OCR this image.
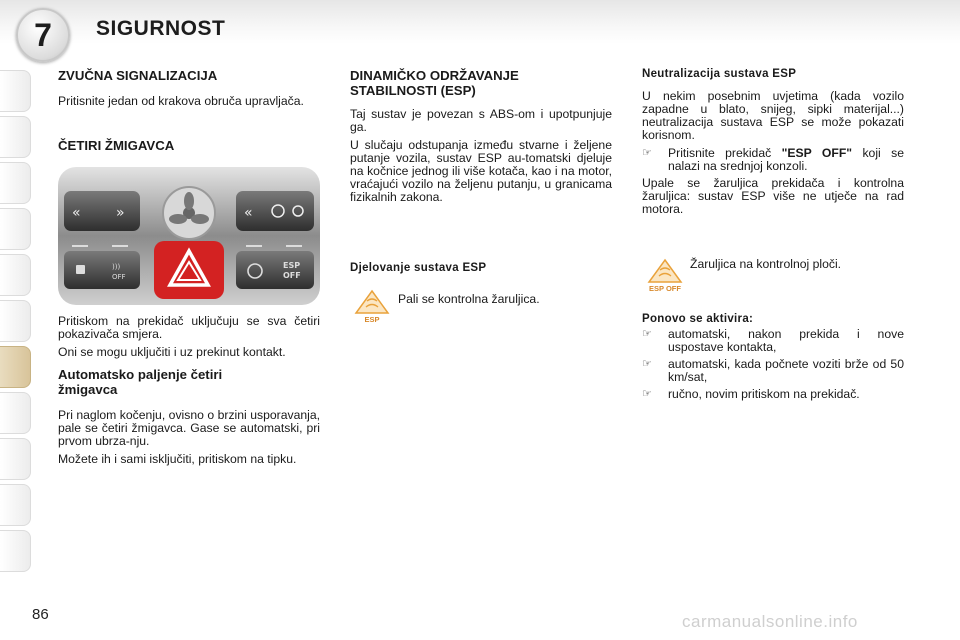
7 SIGURNOST
ZVUČNA SIGNALIZACIJA

Pritisnite jedan od krakova obruča upravljača.

ČETIRI ŽMIGAVCA
«	»	«
)))
OFF
ESP
OFF

Pritiskom na prekidač uključuju se sva četiri pokazivača smjera.

Oni se mogu uključiti i uz prekinut kontakt.

Automatsko paljenje četiri
žmigavca

Pri naglom kočenju, ovisno o brzini usporavanja, pale se četiri žmigavca. Gase se automatski, pri prvom ubrza-nju.

Možete ih i sami isključiti, pritiskom na tipku.

DINAMIČKO ODRŽAVANJE
STABILNOSTI (ESP)

Taj sustav je povezan s ABS-om i upotpunjuje ga.

U slučaju odstupanja između stvarne i željene putanje vozila, sustav ESP au-tomatski djeluje na kočnice jednog ili više kotača, kao i na motor, vraćajući vozilo na željenu putanju, u granicama fizikalnih zakona.

Djelovanje sustava ESP
ESP
Pali se kontrolna žaruljica.
Neutralizacija sustava ESP

U nekim posebnim uvjetima (kada vozilo zapadne u blato, snijeg, sipki materijal...) neutralizacija sustava ESP se može pokazati korisnom.

☞	Pritisnite prekidač "ESP OFF" koji se nalazi na srednjoj konzoli.

Upale se žaruljica prekidača i kontrolna žaruljica: sustav ESP više ne utječe na rad motora.

ESP OFF
Žaruljica na kontrolnoj ploči.
Ponovo se aktivira:
☞	automatski, nakon prekida i nove uspostave kontakta,
☞	automatski, kada počnete voziti brže od 50 km/sat,
☞	ručno, novim pritiskom na prekidač.
86	carmanualsonline.info
